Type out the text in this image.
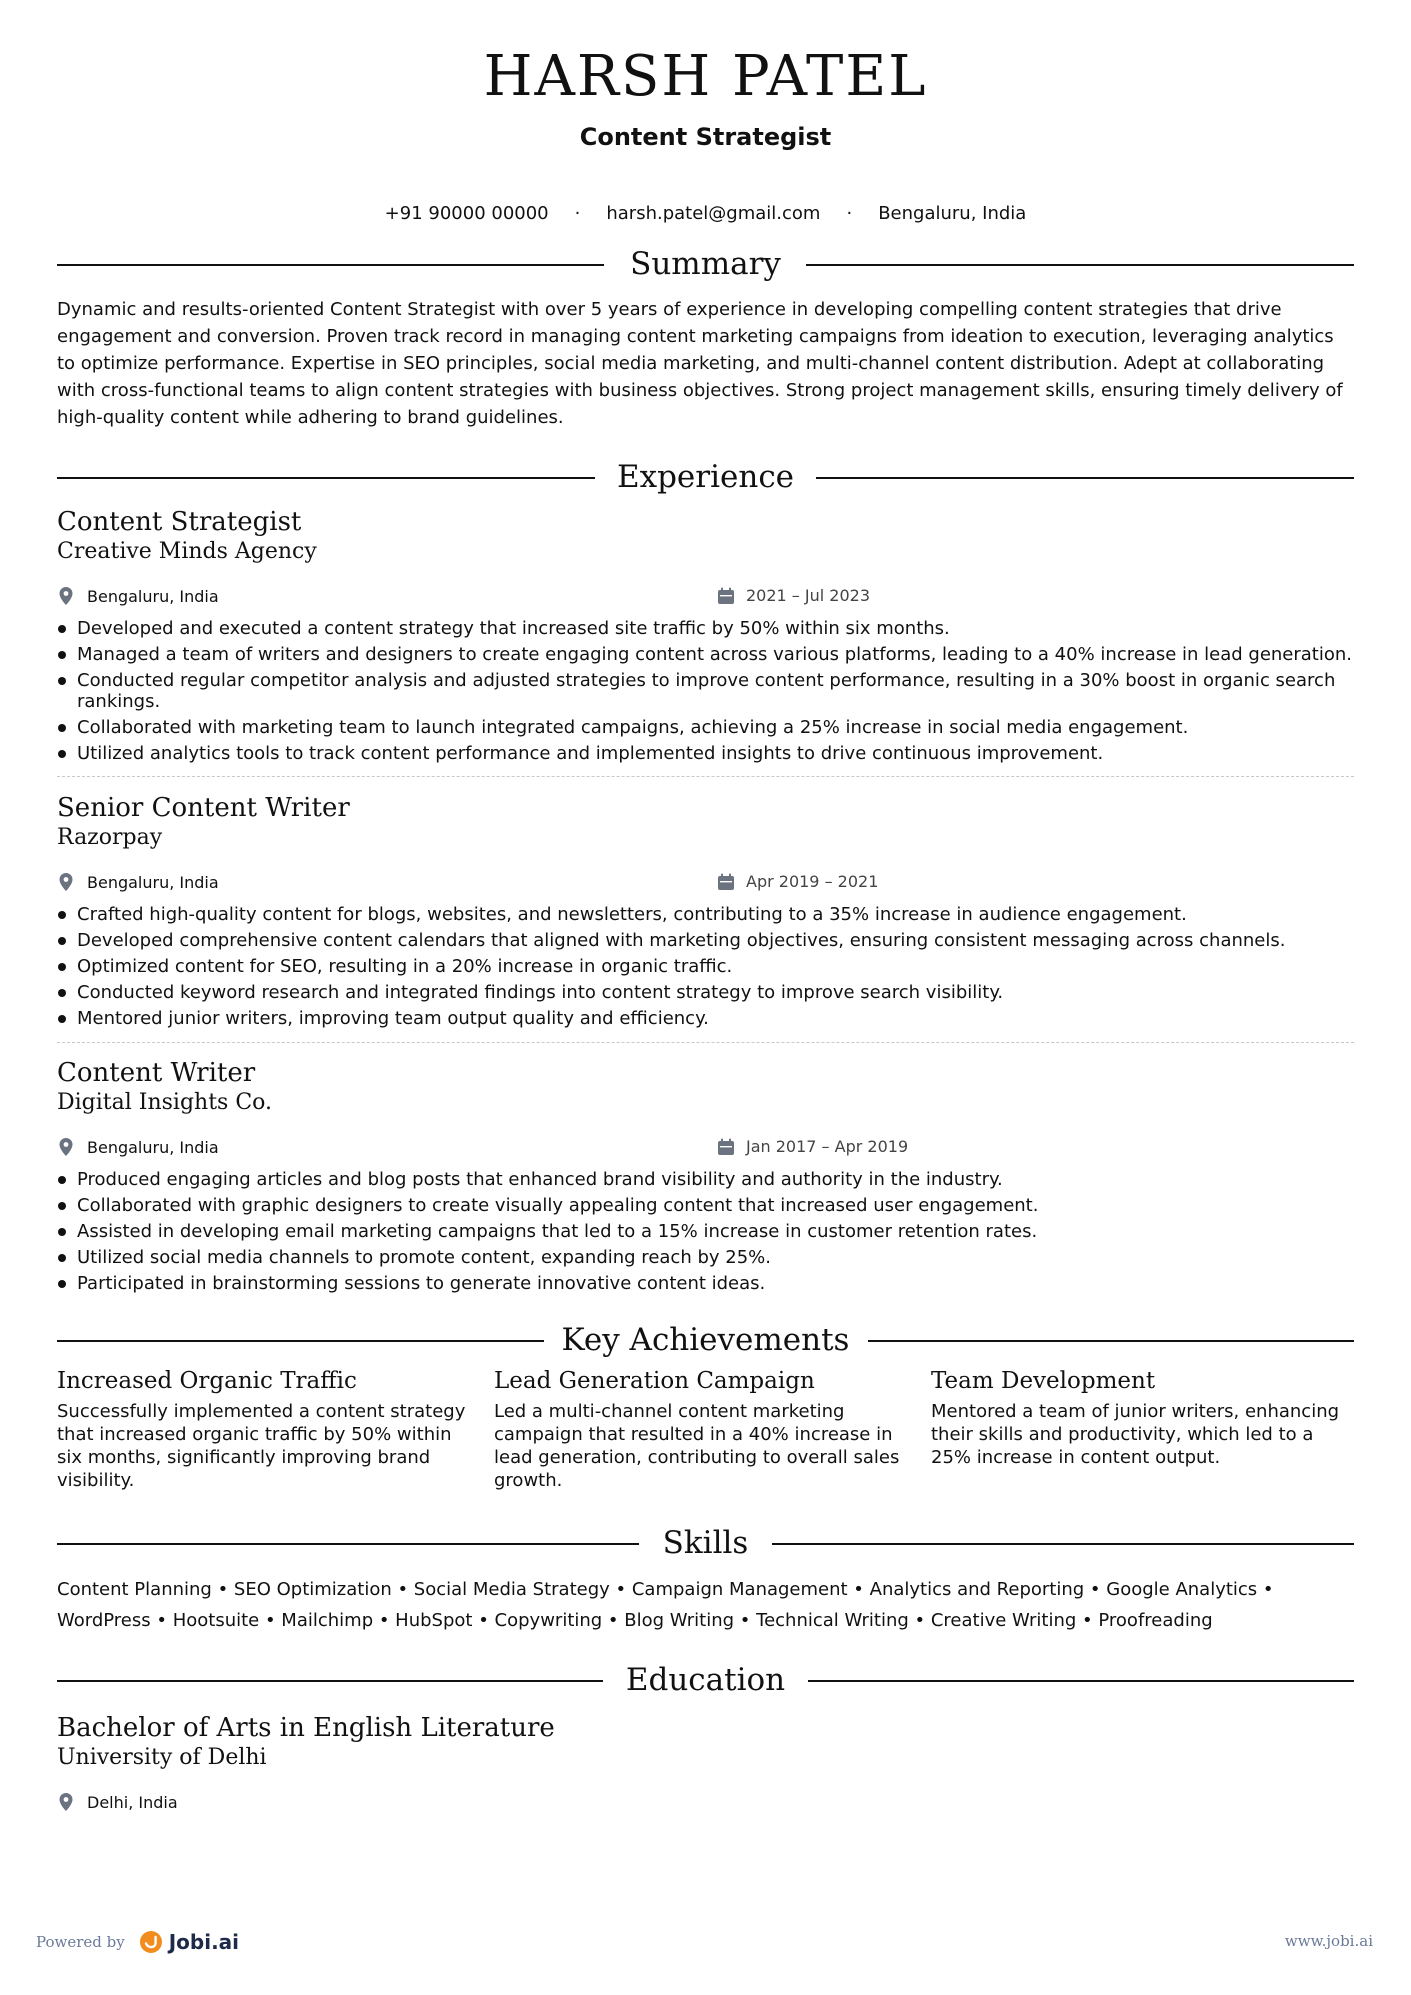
HARSH PATEL
Content Strategist
+91 90000 00000 · harsh.patel@gmail.com · Bengaluru, India
Summary
Dynamic and results-oriented Content Strategist with over 5 years of experience in developing compelling content strategies that drive engagement and conversion. Proven track record in managing content marketing campaigns from ideation to execution, leveraging analytics to optimize performance. Expertise in SEO principles, social media marketing, and multi-channel content distribution. Adept at collaborating with cross-functional teams to align content strategies with business objectives. Strong project management skills, ensuring timely delivery of high-quality content while adhering to brand guidelines.
Experience
Content Strategist
Creative Minds Agency
Bengaluru, India	2021 – Jul 2023
Developed and executed a content strategy that increased site traffic by 50% within six months.
Managed a team of writers and designers to create engaging content across various platforms, leading to a 40% increase in lead generation.
Conducted regular competitor analysis and adjusted strategies to improve content performance, resulting in a 30% boost in organic search rankings.
Collaborated with marketing team to launch integrated campaigns, achieving a 25% increase in social media engagement.
Utilized analytics tools to track content performance and implemented insights to drive continuous improvement.
Senior Content Writer
Razorpay
Bengaluru, India	Apr 2019 – 2021
Crafted high-quality content for blogs, websites, and newsletters, contributing to a 35% increase in audience engagement.
Developed comprehensive content calendars that aligned with marketing objectives, ensuring consistent messaging across channels.
Optimized content for SEO, resulting in a 20% increase in organic traffic.
Conducted keyword research and integrated findings into content strategy to improve search visibility.
Mentored junior writers, improving team output quality and efficiency.
Content Writer
Digital Insights Co.
Bengaluru, India	Jan 2017 – Apr 2019
Produced engaging articles and blog posts that enhanced brand visibility and authority in the industry.
Collaborated with graphic designers to create visually appealing content that increased user engagement.
Assisted in developing email marketing campaigns that led to a 15% increase in customer retention rates.
Utilized social media channels to promote content, expanding reach by 25%.
Participated in brainstorming sessions to generate innovative content ideas.
Key Achievements
Increased Organic Traffic
Successfully implemented a content strategy that increased organic traffic by 50% within six months, significantly improving brand visibility.
Lead Generation Campaign
Led a multi-channel content marketing campaign that resulted in a 40% increase in lead generation, contributing to overall sales growth.
Team Development
Mentored a team of junior writers, enhancing their skills and productivity, which led to a 25% increase in content output.
Skills
Content Planning • SEO Optimization • Social Media Strategy • Campaign Management • Analytics and Reporting • Google Analytics • WordPress • Hootsuite • Mailchimp • HubSpot • Copywriting • Blog Writing • Technical Writing • Creative Writing • Proofreading
Education
Bachelor of Arts in English Literature
University of Delhi
Delhi, India
Powered by Jobi.ai	www.jobi.ai
